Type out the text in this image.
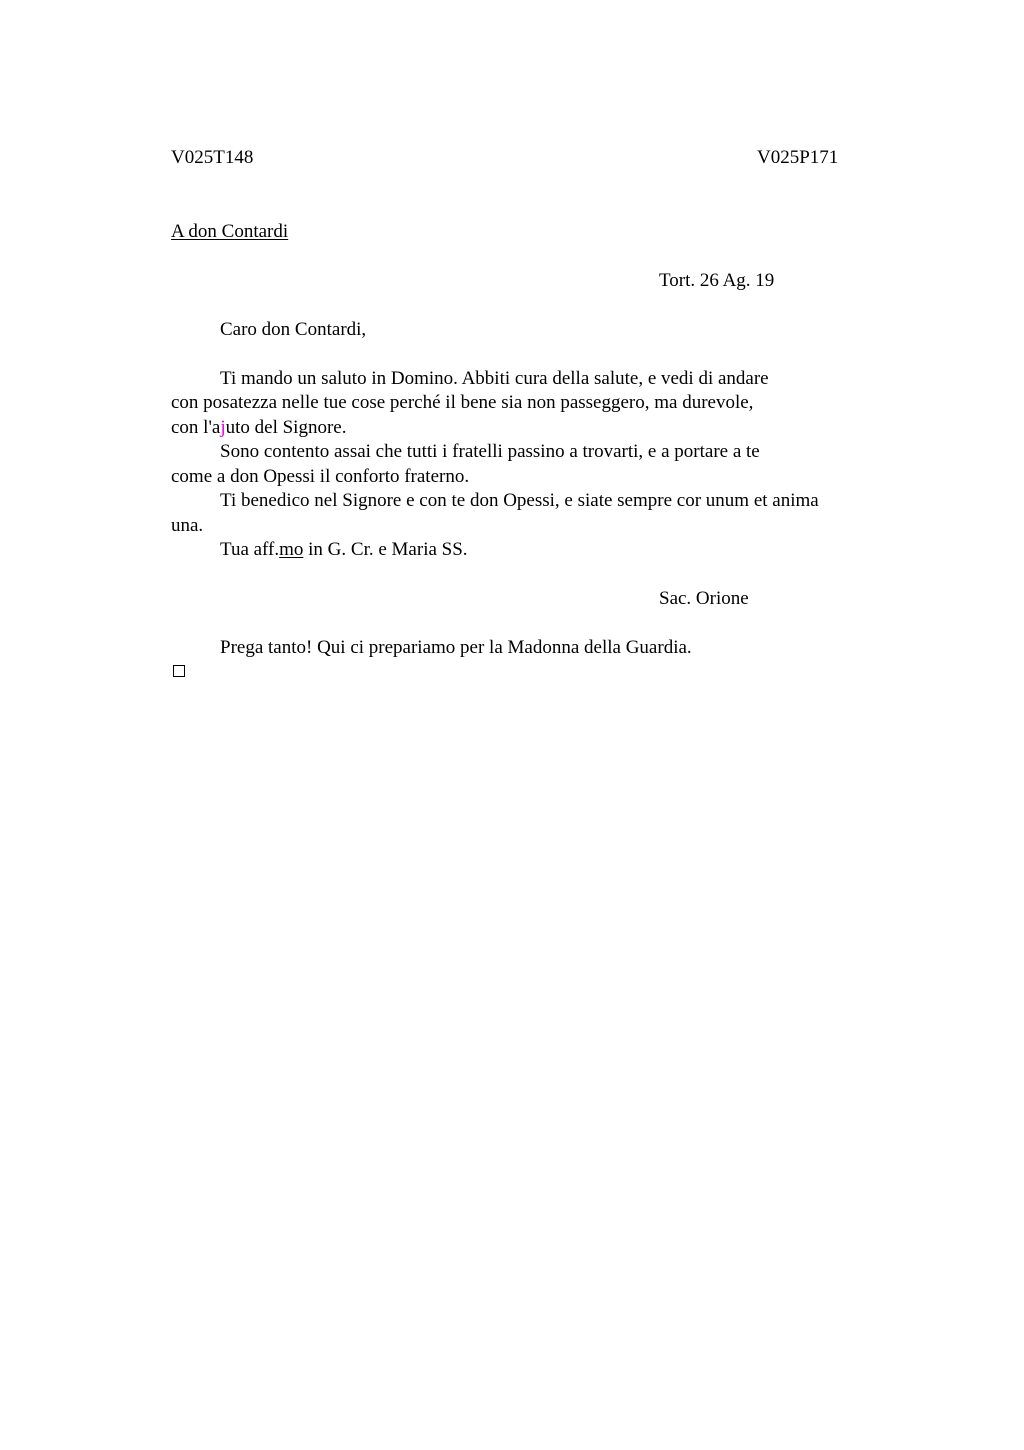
V025T148	V025P171
A don Contardi
Tort. 26 Ag. 19
Caro don Contardi,
Ti mando un saluto in Domino. Abbiti cura della salute, e vedi di andare
con posatezza nelle tue cose perché il bene sia non passeggero, ma durevole,
con l'ajuto del Signore.
Sono contento assai che tutti i fratelli passino a trovarti, e a portare a te
come a don Opessi il conforto fraterno.
Ti benedico nel Signore e con te don Opessi, e siate sempre cor unum et anima
una.
Tua aff.mo in G. Cr. e Maria SS.
Sac. Orione
Prega tanto! Qui ci prepariamo per la Madonna della Guardia.
